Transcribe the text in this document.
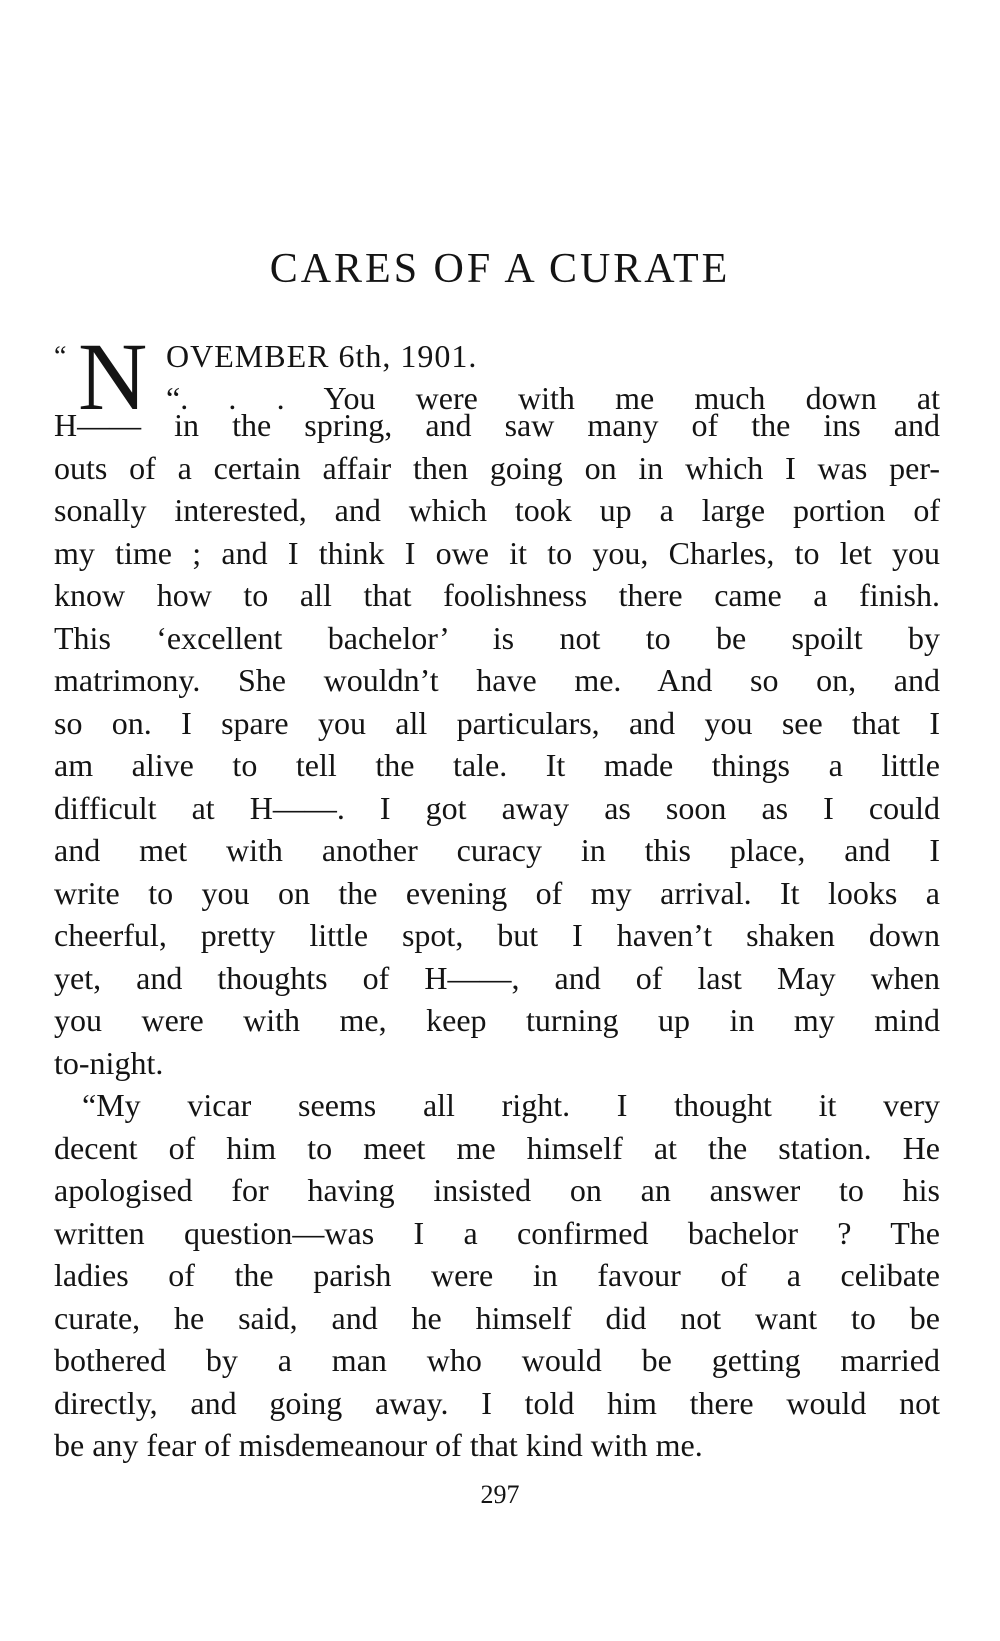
CARES OF A CURATE
“ N OVEMBER 6th, 1901.
“. . . You were with me much down at
H—— in the spring, and saw many of the ins and
outs of a certain affair then going on in which I was per-
sonally interested, and which took up a large portion of
my time ; and I think I owe it to you, Charles, to let you
know how to all that foolishness there came a finish.
This ‘excellent bachelor’ is not to be spoilt by
matrimony. She wouldn’t have me. And so on, and
so on. I spare you all particulars, and you see that I
am alive to tell the tale. It made things a little
difficult at H——. I got away as soon as I could
and met with another curacy in this place, and I
write to you on the evening of my arrival. It looks a
cheerful, pretty little spot, but I haven’t shaken down
yet, and thoughts of H——, and of last May when
you were with me, keep turning up in my mind
to-night.
“My vicar seems all right. I thought it very
decent of him to meet me himself at the station. He
apologised for having insisted on an answer to his
written question—was I a confirmed bachelor ? The
ladies of the parish were in favour of a celibate
curate, he said, and he himself did not want to be
bothered by a man who would be getting married
directly, and going away. I told him there would not
be any fear of misdemeanour of that kind with me.
297
